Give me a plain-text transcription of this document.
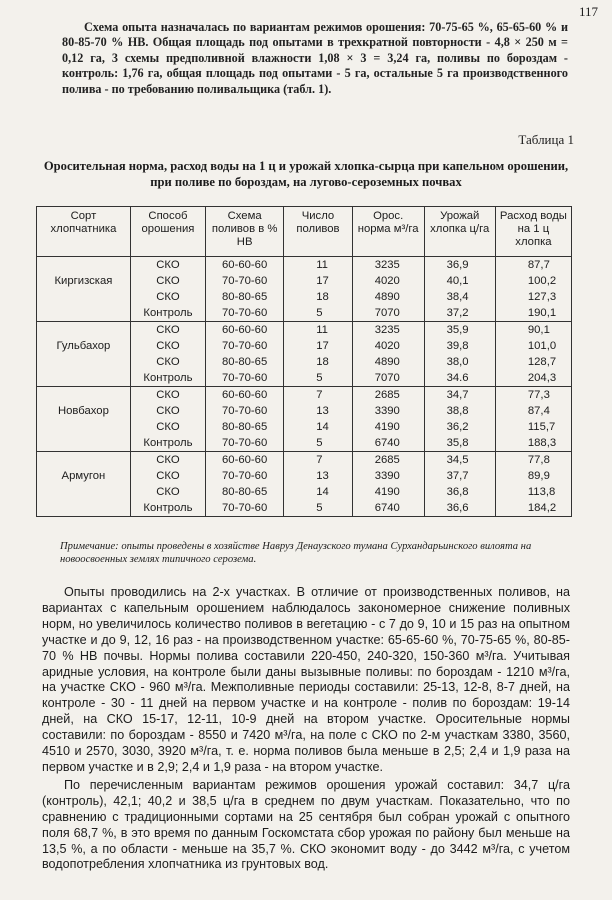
117

Схема опыта назначалась по вариантам режимов орошения: 70-75-65 %, 65-65-60 % и 80-85-70 % НВ. Общая площадь под опытами в трехкратной повторности - 4,8 × 250 м = 0,12 га, 3 схемы предполивной влажности 1,08 × 3 = 3,24 га, поливы по бороздам - контроль: 1,76 га, общая площадь под опытами - 5 га, остальные 5 га производственного полива - по требованию поливальщика (табл. 1).

Таблица 1
Оросительная норма, расход воды на 1 ц и урожай хлопка-сырца при капельном орошении, при поливе по бороздам, на лугово-сероземных почвах
Сорт хлопчатника	Способ орошения	Схема поливов в % НВ	Число поливов	Орос. норма м³/га	Урожай хлопка ц/га	Расход воды на 1 ц хлопка
Киргизская	СКО	60-60-60	11	3235	36,9	87,7
	СКО	70-70-60	17	4020	40,1	100,2
	СКО	80-80-65	18	4890	38,4	127,3
	Контроль	70-70-60	5	7070	37,2	190,1
Гульбахор	СКО	60-60-60	11	3235	35,9	90,1
	СКО	70-70-60	17	4020	39,8	101,0
	СКО	80-80-65	18	4890	38,0	128,7
	Контроль	70-70-60	5	7070	34.6	204,3
Новбахор	СКО	60-60-60	7	2685	34,7	77,3
	СКО	70-70-60	13	3390	38,8	87,4
	СКО	80-80-65	14	4190	36,2	115,7
	Контроль	70-70-60	5	6740	35,8	188,3
Армугон	СКО	60-60-60	7	2685	34,5	77,8
	СКО	70-70-60	13	3390	37,7	89,9
	СКО	80-80-65	14	4190	36,8	113,8
	Контроль	70-70-60	5	6740	36,6	184,2
Примечание: опыты проведены в хозяйстве Навруз Денаузского тумана Сурхандарьинского вилоята на новоосвоенных землях типичного серозема.

Опыты проводились на 2-х участках. В отличие от производственных поливов, на вариантах с капельным орошением наблюдалось закономерное снижение поливных норм, но увеличилось количество поливов в вегетацию - с 7 до 9, 10 и 15 раз на опытном участке и до 9, 12, 16 раз - на производственном участке: 65-65-60 %, 70-75-65 %, 80-85-70 % НВ почвы. Нормы полива составили 220-450, 240-320, 150-360 м³/га. Учитывая аридные условия, на контроле были даны вызывные поливы: по бороздам - 1210 м³/га, на участке СКО - 960 м³/га. Межполивные периоды составили: 25-13, 12-8, 8-7 дней, на контроле - 30 - 11 дней на первом участке и на контроле - полив по бороздам: 19-14 дней, на СКО 15-17, 12-11, 10-9 дней на втором участке. Оросительные нормы составили: по бороздам - 8550 и 7420 м³/га, на поле с СКО по 2-м участкам 3380, 3560, 4510 и 2570, 3030, 3920 м³/га, т. е. норма поливов была меньше в 2,5; 2,4 и 1,9 раза на первом участке и в 2,9; 2,4 и 1,9 раза - на втором участке.

По перечисленным вариантам режимов орошения урожай составил: 34,7 ц/га (контроль), 42,1; 40,2 и 38,5 ц/га в среднем по двум участкам. Показательно, что по сравнению с традиционными сортами на 25 сентября был собран урожай с опытного поля 68,7 %, в это время по данным Госкомстата сбор урожая по району был меньше на 13,5 %, а по области - меньше на 35,7 %. СКО экономит воду - до 3442 м³/га, с учетом водопотребления хлопчатника из грунтовых вод.
